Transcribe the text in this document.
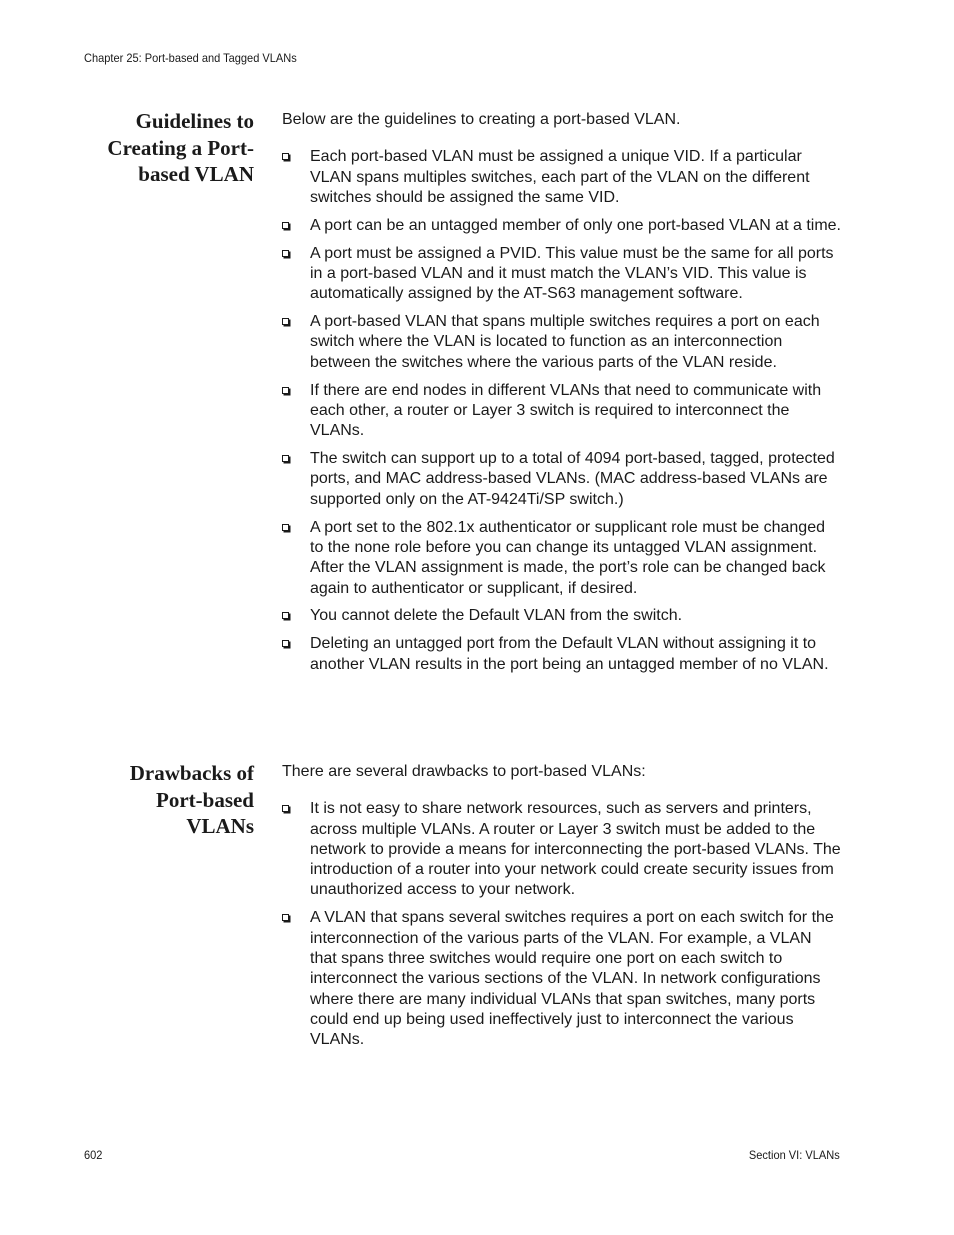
Chapter 25: Port-based and Tagged VLANs
Guidelines to
Creating a Port-
based VLAN

Below are the guidelines to creating a port-based VLAN.

Each port-based VLAN must be assigned a unique VID. If a particular VLAN spans multiples switches, each part of the VLAN on the different switches should be assigned the same VID.
A port can be an untagged member of only one port-based VLAN at a time.
A port must be assigned a PVID. This value must be the same for all ports in a port-based VLAN and it must match the VLAN’s VID. This value is automatically assigned by the AT-S63 management software.
A port-based VLAN that spans multiple switches requires a port on each switch where the VLAN is located to function as an interconnection between the switches where the various parts of the VLAN reside.
If there are end nodes in different VLANs that need to communicate with each other, a router or Layer 3 switch is required to interconnect the VLANs.
The switch can support up to a total of 4094 port-based, tagged, protected ports, and MAC address-based VLANs. (MAC address-based VLANs are supported only on the AT-9424Ti/SP switch.)
A port set to the 802.1x authenticator or supplicant role must be changed to the none role before you can change its untagged VLAN assignment. After the VLAN assignment is made, the port’s role can be changed back again to authenticator or supplicant, if desired.
You cannot delete the Default VLAN from the switch.
Deleting an untagged port from the Default VLAN without assigning it to another VLAN results in the port being an untagged member of no VLAN.
Drawbacks of
Port-based
VLANs

There are several drawbacks to port-based VLANs:

It is not easy to share network resources, such as servers and printers, across multiple VLANs. A router or Layer 3 switch must be added to the network to provide a means for interconnecting the port-based VLANs. The introduction of a router into your network could create security issues from unauthorized access to your network.
A VLAN that spans several switches requires a port on each switch for the interconnection of the various parts of the VLAN. For example, a VLAN that spans three switches would require one port on each switch to interconnect the various sections of the VLAN. In network configurations where there are many individual VLANs that span switches, many ports could end up being used ineffectively just to interconnect the various VLANs.
602	Section VI: VLANs
